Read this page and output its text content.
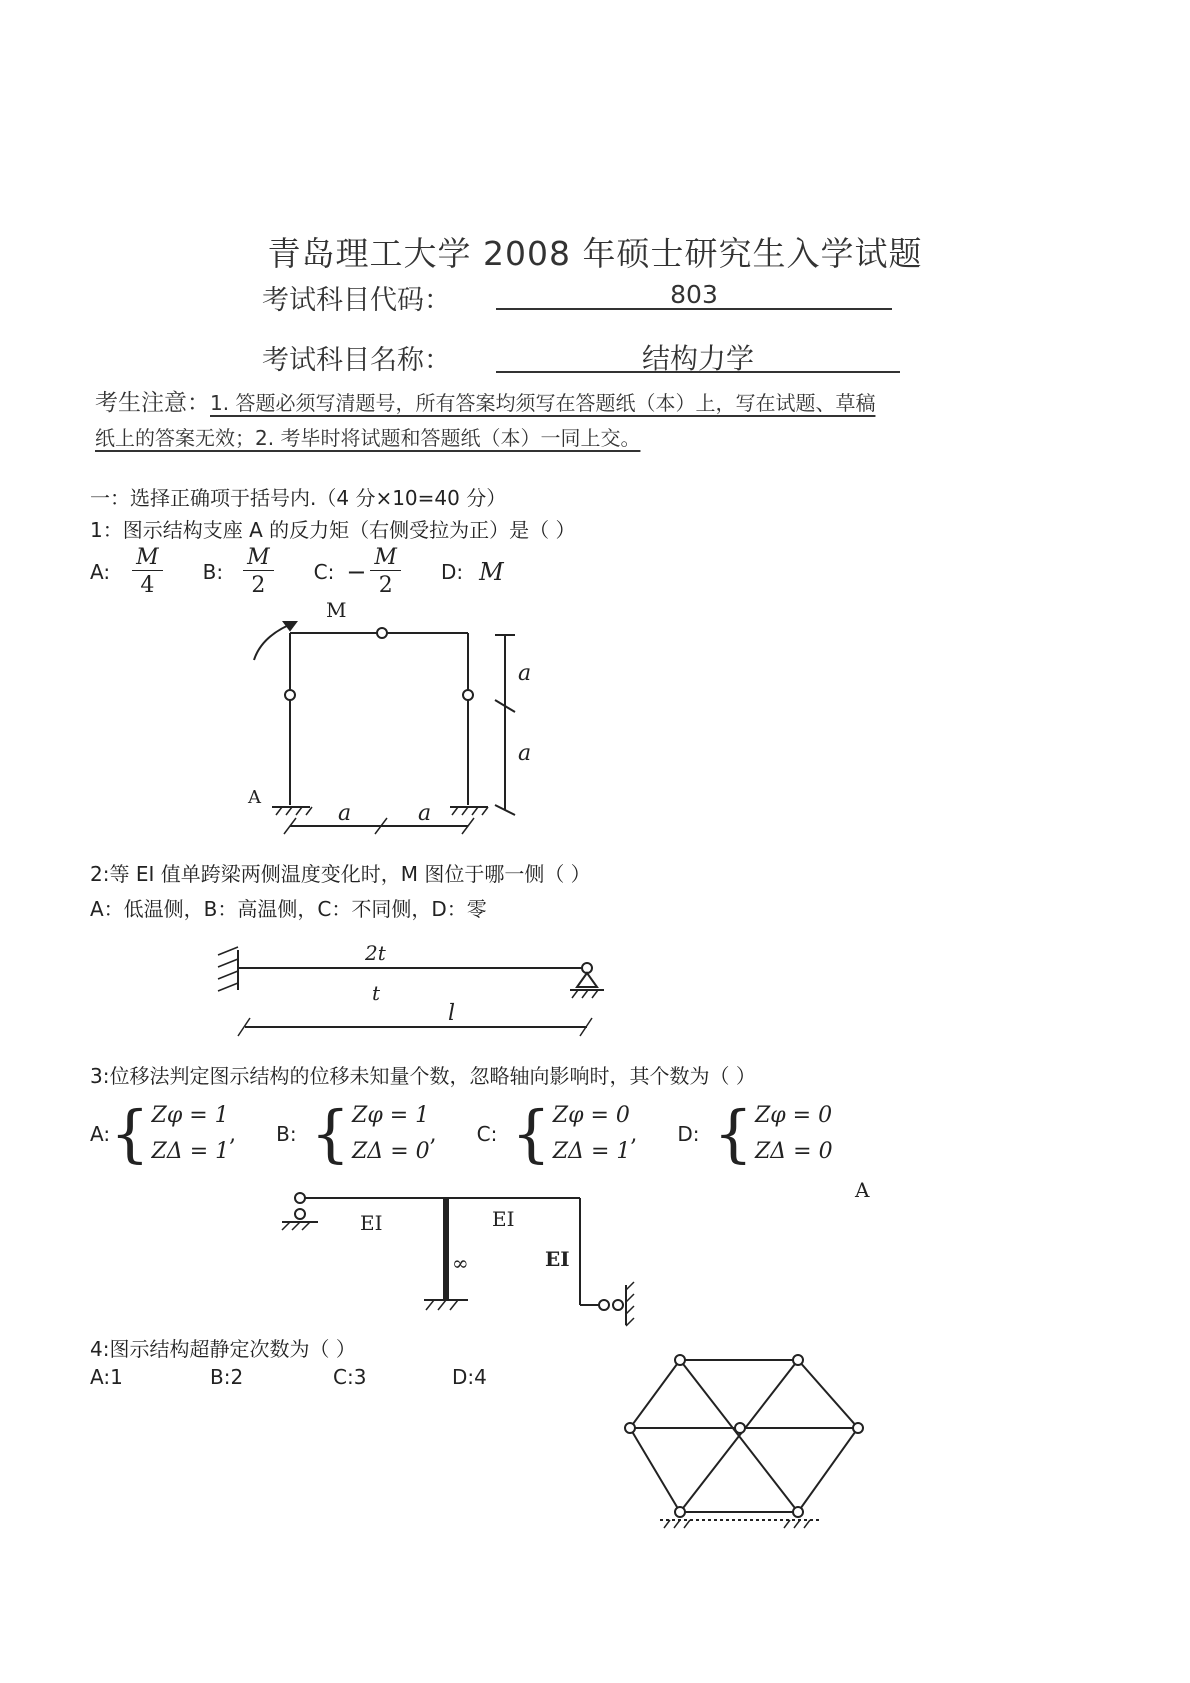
青岛理工大学 2008 年硕士研究生入学试题
考试科目代码：	803
考试科目名称：	结构力学
考生注意：1. 答题必须写清题号，所有答案均须写在答题纸（本）上，写在试题、草稿
纸上的答案无效；2. 考毕时将试题和答题纸（本）一同上交。
一：选择正确项于括号内.（4 分×10=40 分）
1：图示结构支座 A 的反力矩（右侧受拉为正）是（ ）
A: $\frac{M}{4} B$: $\frac{M}{2} C$: − $\frac{M}{2} D$: M
M
A
a
a
a	a
2t
t
l
EI	EI
EI
∞
2:等 EI 值单跨梁两侧温度变化时，M 图位于哪一侧（ ）
A：低温侧，B：高温侧，C：不同侧，D：零
3:位移法判定图示结构的位移未知量个数，忽略轴向影响时，其个数为（ ）
A: { Zφ = 1
ZΔ = 1
, B: { Zφ = 1
ZΔ = 0
, C: { Zφ = 0
ZΔ = 1
, D: { Zφ = 0
ZΔ = 0
A
4:图示结构超静定次数为（ ）
A:1	B:2	C:3	D:4
